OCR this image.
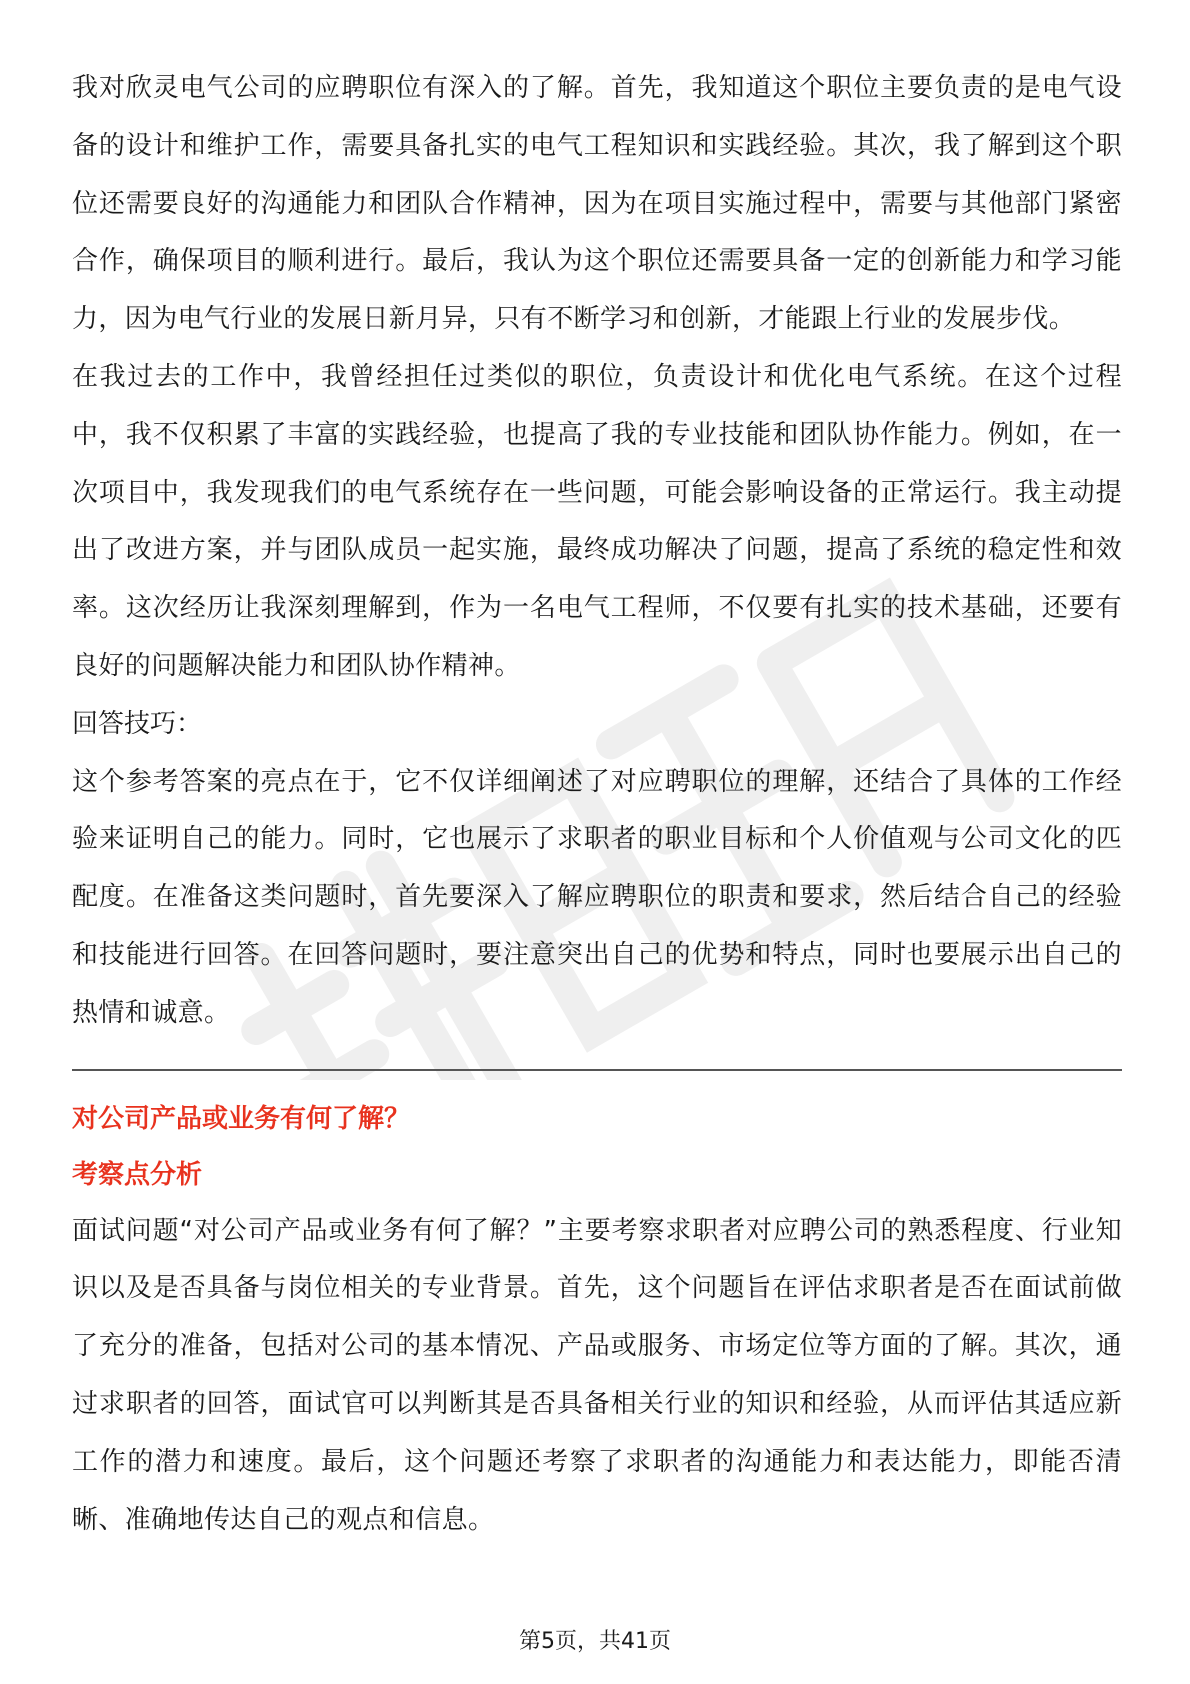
我对欣灵电气公司的应聘职位有深入的了解。首先，我知道这个职位主要负责的是电气设备的设计和维护工作，需要具备扎实的电气工程知识和实践经验。其次，我了解到这个职位还需要良好的沟通能力和团队合作精神，因为在项目实施过程中，需要与其他部门紧密合作，确保项目的顺利进行。最后，我认为这个职位还需要具备一定的创新能力和学习能力，因为电气行业的发展日新月异，只有不断学习和创新，才能跟上行业的发展步伐。

在我过去的工作中，我曾经担任过类似的职位，负责设计和优化电气系统。在这个过程中，我不仅积累了丰富的实践经验，也提高了我的专业技能和团队协作能力。例如，在一次项目中，我发现我们的电气系统存在一些问题，可能会影响设备的正常运行。我主动提出了改进方案，并与团队成员一起实施，最终成功解决了问题，提高了系统的稳定性和效率。这次经历让我深刻理解到，作为一名电气工程师，不仅要有扎实的技术基础，还要有良好的问题解决能力和团队协作精神。

回答技巧：

这个参考答案的亮点在于，它不仅详细阐述了对应聘职位的理解，还结合了具体的工作经验来证明自己的能力。同时，它也展示了求职者的职业目标和个人价值观与公司文化的匹配度。在准备这类问题时，首先要深入了解应聘职位的职责和要求，然后结合自己的经验和技能进行回答。在回答问题时，要注意突出自己的优势和特点，同时也要展示出自己的热情和诚意。

对公司产品或业务有何了解？

考察点分析

面试问题“对公司产品或业务有何了解？”主要考察求职者对应聘公司的熟悉程度、行业知识以及是否具备与岗位相关的专业背景。首先，这个问题旨在评估求职者是否在面试前做了充分的准备，包括对公司的基本情况、产品或服务、市场定位等方面的了解。其次，通过求职者的回答，面试官可以判断其是否具备相关行业的知识和经验，从而评估其适应新工作的潜力和速度。最后，这个问题还考察了求职者的沟通能力和表达能力，即能否清晰、准确地传达自己的观点和信息。

第5页，共41页
